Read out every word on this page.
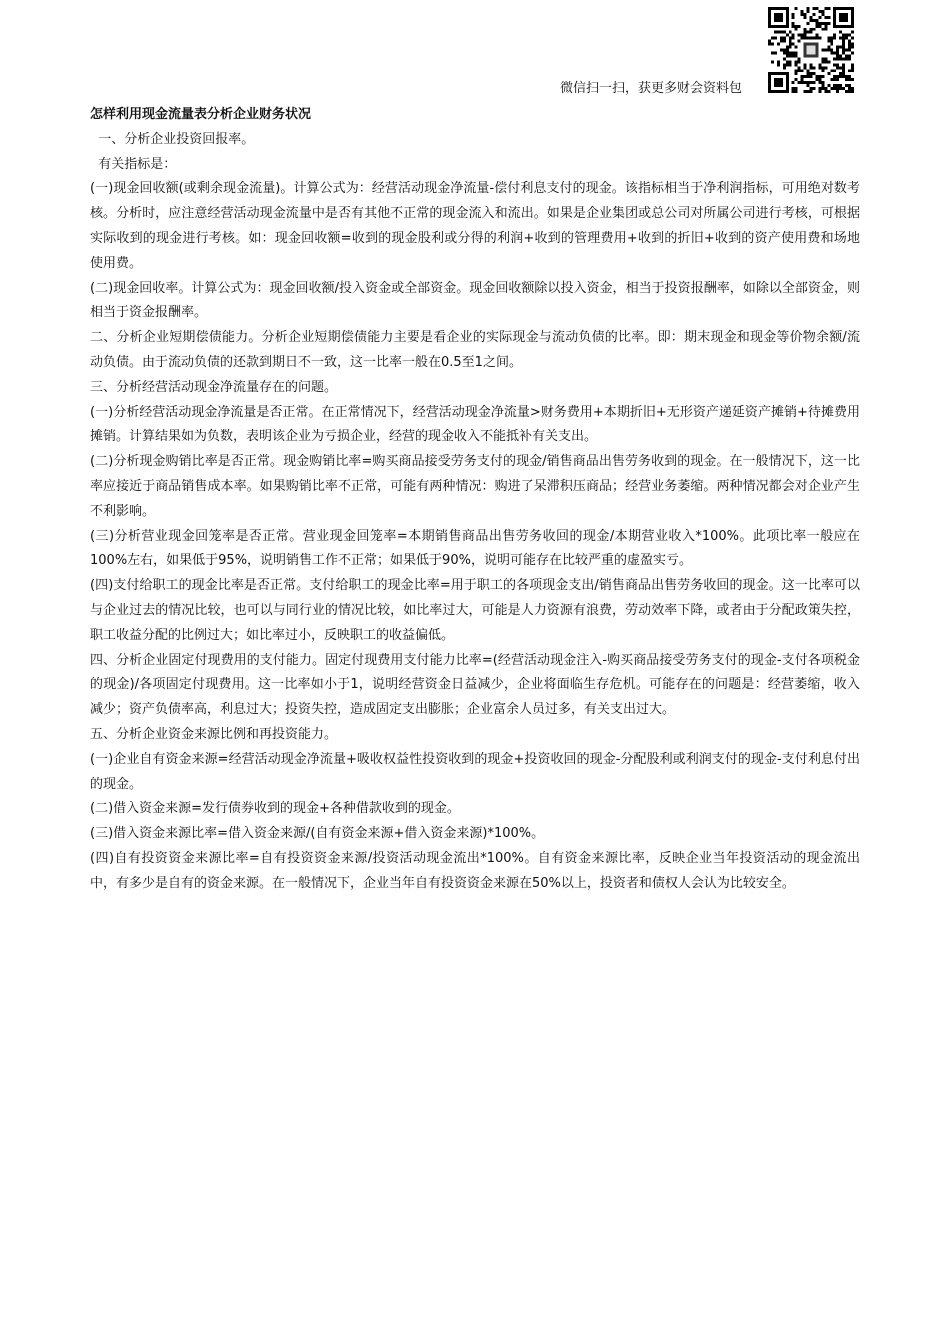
微信扫一扫，获更多财会资料包

怎样利用现金流量表分析企业财务状况

一、分析企业投资回报率。

有关指标是：

(一)现金回收额(或剩余现金流量)。计算公式为：经营活动现金净流量-偿付利息支付的现金。该指标相当于净利润指标，可用绝对数考核。分析时，应注意经营活动现金流量中是否有其他不正常的现金流入和流出。如果是企业集团或总公司对所属公司进行考核，可根据实际收到的现金进行考核。如：现金回收额=收到的现金股利或分得的利润+收到的管理费用+收到的折旧+收到的资产使用费和场地使用费。

(二)现金回收率。计算公式为：现金回收额/投入资金或全部资金。现金回收额除以投入资金，相当于投资报酬率，如除以全部资金，则相当于资金报酬率。

二、分析企业短期偿债能力。分析企业短期偿债能力主要是看企业的实际现金与流动负债的比率。即：期末现金和现金等价物余额/流动负债。由于流动负债的还款到期日不一致，这一比率一般在0.5至1之间。

三、分析经营活动现金净流量存在的问题。

(一)分析经营活动现金净流量是否正常。在正常情况下，经营活动现金净流量>财务费用+本期折旧+无形资产递延资产摊销+待摊费用摊销。计算结果如为负数，表明该企业为亏损企业，经营的现金收入不能抵补有关支出。

(二)分析现金购销比率是否正常。现金购销比率=购买商品接受劳务支付的现金/销售商品出售劳务收到的现金。在一般情况下，这一比率应接近于商品销售成本率。如果购销比率不正常，可能有两种情况：购进了呆滞积压商品；经营业务萎缩。两种情况都会对企业产生不利影响。

(三)分析营业现金回笼率是否正常。营业现金回笼率=本期销售商品出售劳务收回的现金/本期营业收入*100%。此项比率一般应在100%左右，如果低于95%，说明销售工作不正常；如果低于90%，说明可能存在比较严重的虚盈实亏。

(四)支付给职工的现金比率是否正常。支付给职工的现金比率=用于职工的各项现金支出/销售商品出售劳务收回的现金。这一比率可以与企业过去的情况比较，也可以与同行业的情况比较，如比率过大，可能是人力资源有浪费，劳动效率下降，或者由于分配政策失控，职工收益分配的比例过大；如比率过小，反映职工的收益偏低。

四、分析企业固定付现费用的支付能力。固定付现费用支付能力比率=(经营活动现金注入-购买商品接受劳务支付的现金-支付各项税金的现金)/各项固定付现费用。这一比率如小于1，说明经营资金日益减少，企业将面临生存危机。可能存在的问题是：经营萎缩，收入减少；资产负债率高，利息过大；投资失控，造成固定支出膨胀；企业富余人员过多，有关支出过大。

五、分析企业资金来源比例和再投资能力。

(一)企业自有资金来源=经营活动现金净流量+吸收权益性投资收到的现金+投资收回的现金-分配股利或利润支付的现金-支付利息付出的现金。

(二)借入资金来源=发行债券收到的现金+各种借款收到的现金。

(三)借入资金来源比率=借入资金来源/(自有资金来源+借入资金来源)*100%。

(四)自有投资资金来源比率=自有投资资金来源/投资活动现金流出*100%。自有资金来源比率，反映企业当年投资活动的现金流出中，有多少是自有的资金来源。在一般情况下，企业当年自有投资资金来源在50%以上，投资者和债权人会认为比较安全。
